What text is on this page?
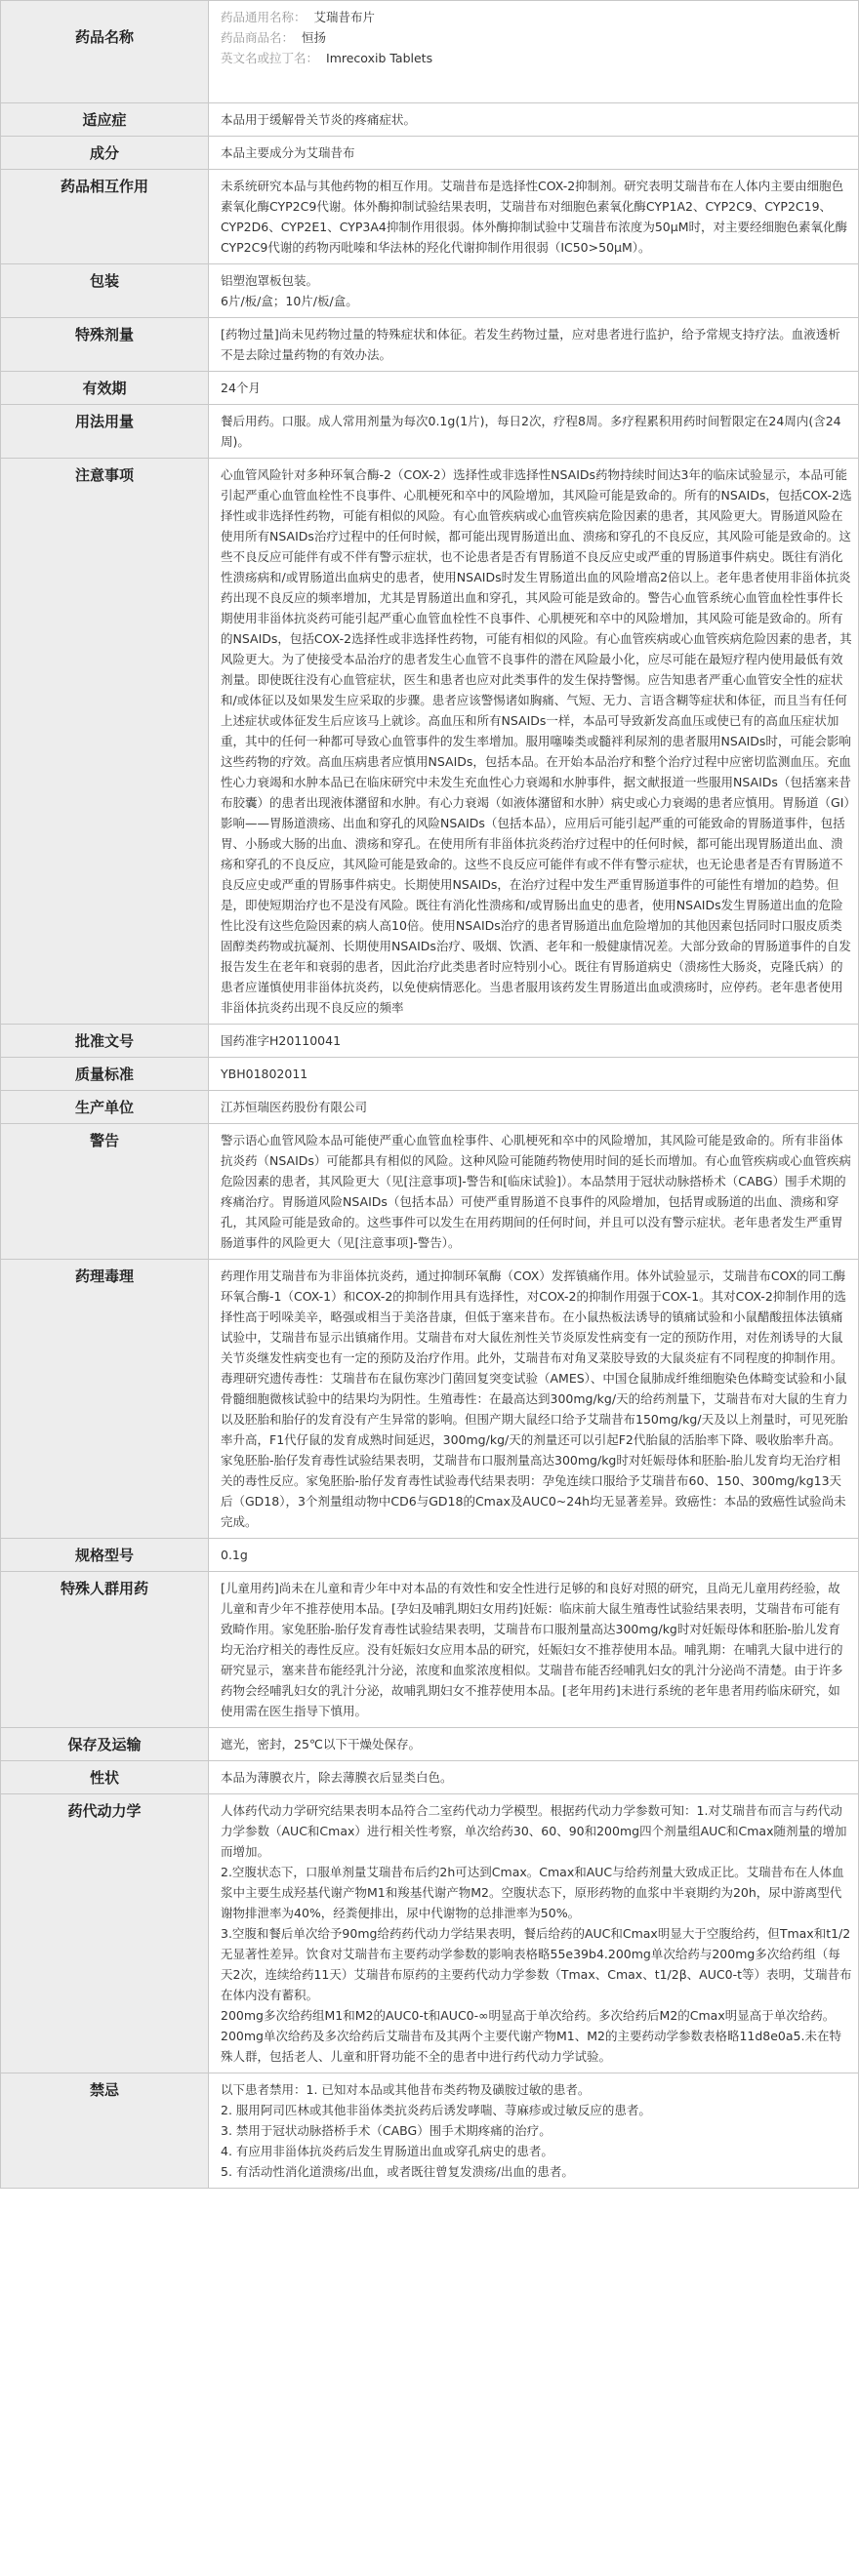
药品名称	药品通用名称： 艾瑞昔布片
药品商品名： 恒扬
英文名或拉丁名： Imrecoxib Tablets

适应症	本品用于缓解骨关节炎的疼痛症状。
成分	本品主要成分为艾瑞昔布
药品相互作用	未系统研究本品与其他药物的相互作用。艾瑞昔布是选择性COX-2抑制剂。研究表明艾瑞昔布在人体内主要由细胞色素氧化酶CYP2C9代谢。体外酶抑制试验结果表明，艾瑞昔布对细胞色素氧化酶CYP1A2、CYP2C9、CYP2C19、CYP2D6、CYP2E1、CYP3A4抑制作用很弱。体外酶抑制试验中艾瑞昔布浓度为50μM时，对主要经细胞色素氧化酶CYP2C9代谢的药物丙吡嗪和华法林的羟化代谢抑制作用很弱（IC50>50μM）。
包装	铝塑泡罩板包装。
6片/板/盒；10片/板/盒。

特殊剂量	[药物过量]尚未见药物过量的特殊症状和体征。若发生药物过量，应对患者进行监护，给予常规支持疗法。血液透析不是去除过量药物的有效办法。
有效期	24个月
用法用量	餐后用药。口服。成人常用剂量为每次0.1g(1片)，每日2次，疗程8周。多疗程累积用药时间暂限定在24周内(含24周)。
注意事项	心血管风险针对多种环氧合酶-2（COX-2）选择性或非选择性NSAIDs药物持续时间达3年的临床试验显示，本品可能引起严重心血管血栓性不良事件、心肌梗死和卒中的风险增加，其风险可能是致命的。所有的NSAIDs，包括COX-2选择性或非选择性药物，可能有相似的风险。有心血管疾病或心血管疾病危险因素的患者，其风险更大。胃肠道风险在使用所有NSAIDs治疗过程中的任何时候，都可能出现胃肠道出血、溃疡和穿孔的不良反应，其风险可能是致命的。这些不良反应可能伴有或不伴有警示症状，也不论患者是否有胃肠道不良反应史或严重的胃肠道事件病史。既往有消化性溃疡病和/或胃肠道出血病史的患者，使用NSAIDs时发生胃肠道出血的风险增高2倍以上。老年患者使用非甾体抗炎药出现不良反应的频率增加，尤其是胃肠道出血和穿孔，其风险可能是致命的。警告心血管系统心血管血栓性事件长期使用非甾体抗炎药可能引起严重心血管血栓性不良事件、心肌梗死和卒中的风险增加，其风险可能是致命的。所有的NSAIDs，包括COX-2选择性或非选择性药物，可能有相似的风险。有心血管疾病或心血管疾病危险因素的患者，其风险更大。为了使接受本品治疗的患者发生心血管不良事件的潜在风险最小化，应尽可能在最短疗程内使用最低有效剂量。即使既往没有心血管症状，医生和患者也应对此类事件的发生保持警惕。应告知患者严重心血管安全性的症状和/或体征以及如果发生应采取的步骤。患者应该警惕诸如胸痛、气短、无力、言语含糊等症状和体征，而且当有任何上述症状或体征发生后应该马上就诊。高血压和所有NSAIDs一样，本品可导致新发高血压或使已有的高血压症状加重，其中的任何一种都可导致心血管事件的发生率增加。服用噻嗪类或髓袢利尿剂的患者服用NSAIDs时，可能会影响这些药物的疗效。高血压病患者应慎用NSAIDs，包括本品。在开始本品治疗和整个治疗过程中应密切监测血压。充血性心力衰竭和水肿本品已在临床研究中未发生充血性心力衰竭和水肿事件，据文献报道一些服用NSAIDs（包括塞来昔布胶囊）的患者出现液体潴留和水肿。有心力衰竭（如液体潴留和水肿）病史或心力衰竭的患者应慎用。胃肠道（GI）影响——胃肠道溃疡、出血和穿孔的风险NSAIDs（包括本品），应用后可能引起严重的可能致命的胃肠道事件，包括胃、小肠或大肠的出血、溃疡和穿孔。在使用所有非甾体抗炎药治疗过程中的任何时候，都可能出现胃肠道出血、溃疡和穿孔的不良反应，其风险可能是致命的。这些不良反应可能伴有或不伴有警示症状，也无论患者是否有胃肠道不良反应史或严重的胃肠事件病史。长期使用NSAIDs，在治疗过程中发生严重胃肠道事件的可能性有增加的趋势。但是，即使短期治疗也不是没有风险。既往有消化性溃疡和/或胃肠出血史的患者，使用NSAIDs发生胃肠道出血的危险性比没有这些危险因素的病人高10倍。使用NSAIDs治疗的患者胃肠道出血危险增加的其他因素包括同时口服皮质类固醇类药物或抗凝剂、长期使用NSAIDs治疗、吸烟、饮酒、老年和一般健康情况差。大部分致命的胃肠道事件的自发报告发生在老年和衰弱的患者，因此治疗此类患者时应特别小心。既往有胃肠道病史（溃疡性大肠炎，克隆氏病）的患者应谨慎使用非甾体抗炎药，以免使病情恶化。当患者服用该药发生胃肠道出血或溃疡时，应停药。老年患者使用非甾体抗炎药出现不良反应的频率
批准文号	国药准字H20110041
质量标准	YBH01802011
生产单位	江苏恒瑞医药股份有限公司
警告	警示语心血管风险本品可能使严重心血管血栓事件、心肌梗死和卒中的风险增加，其风险可能是致命的。所有非甾体抗炎药（NSAIDs）可能都具有相似的风险。这种风险可能随药物使用时间的延长而增加。有心血管疾病或心血管疾病危险因素的患者，其风险更大（见[注意事项]-警告和[临床试验]）。本品禁用于冠状动脉搭桥术（CABG）围手术期的疼痛治疗。胃肠道风险NSAIDs（包括本品）可使严重胃肠道不良事件的风险增加，包括胃或肠道的出血、溃疡和穿孔，其风险可能是致命的。这些事件可以发生在用药期间的任何时间，并且可以没有警示症状。老年患者发生严重胃肠道事件的风险更大（见[注意事项]-警告）。
药理毒理	药理作用艾瑞昔布为非甾体抗炎药，通过抑制环氧酶（COX）发挥镇痛作用。体外试验显示，艾瑞昔布COX的同工酶环氧合酶-1（COX-1）和COX-2的抑制作用具有选择性，对COX-2的抑制作用强于COX-1。其对COX-2抑制作用的选择性高于吲哚美辛，略强或相当于美洛昔康，但低于塞来昔布。在小鼠热板法诱导的镇痛试验和小鼠醋酸扭体法镇痛试验中，艾瑞昔布显示出镇痛作用。艾瑞昔布对大鼠佐剂性关节炎原发性病变有一定的预防作用，对佐剂诱导的大鼠关节炎继发性病变也有一定的预防及治疗作用。此外，艾瑞昔布对角叉菜胶导致的大鼠炎症有不同程度的抑制作用。毒理研究遗传毒性：艾瑞昔布在鼠伤寒沙门菌回复突变试验（AMES）、中国仓鼠肺成纤维细胞染色体畸变试验和小鼠骨髓细胞微核试验中的结果均为阴性。生殖毒性：在最高达到300mg/kg/天的给药剂量下，艾瑞昔布对大鼠的生育力以及胚胎和胎仔的发育没有产生异常的影响。但围产期大鼠经口给予艾瑞昔布150mg/kg/天及以上剂量时，可见死胎率升高，F1代仔鼠的发育成熟时间延迟，300mg/kg/天的剂量还可以引起F2代胎鼠的活胎率下降、吸收胎率升高。家兔胚胎-胎仔发育毒性试验结果表明，艾瑞昔布口服剂量高达300mg/kg时对妊娠母体和胚胎-胎儿发育均无治疗相关的毒性反应。家兔胚胎-胎仔发育毒性试验毒代结果表明：孕兔连续口服给予艾瑞昔布60、150、300mg/kg13天后（GD18），3个剂量组动物中CD6与GD18的Cmax及AUC0~24h均无显著差异。致癌性：本品的致癌性试验尚未完成。
规格型号	0.1g
特殊人群用药	[儿童用药]尚未在儿童和青少年中对本品的有效性和安全性进行足够的和良好对照的研究，且尚无儿童用药经验，故儿童和青少年不推荐使用本品。[孕妇及哺乳期妇女用药]妊娠：临床前大鼠生殖毒性试验结果表明，艾瑞昔布可能有致畸作用。家兔胚胎-胎仔发育毒性试验结果表明，艾瑞昔布口服剂量高达300mg/kg时对妊娠母体和胚胎-胎儿发育均无治疗相关的毒性反应。没有妊娠妇女应用本品的研究，妊娠妇女不推荐使用本品。哺乳期：在哺乳大鼠中进行的研究显示，塞来昔布能经乳汁分泌，浓度和血浆浓度相似。艾瑞昔布能否经哺乳妇女的乳汁分泌尚不清楚。由于许多药物会经哺乳妇女的乳汁分泌，故哺乳期妇女不推荐使用本品。[老年用药]未进行系统的老年患者用药临床研究，如使用需在医生指导下慎用。
保存及运输	遮光，密封，25℃以下干燥处保存。
性状	本品为薄膜衣片，除去薄膜衣后显类白色。
药代动力学	人体药代动力学研究结果表明本品符合二室药代动力学模型。根据药代动力学参数可知：1.对艾瑞昔布而言与药代动力学参数（AUC和Cmax）进行相关性考察，单次给药30、60、90和200mg四个剂量组AUC和Cmax随剂量的增加而增加。
2.空腹状态下，口服单剂量艾瑞昔布后约2h可达到Cmax。Cmax和AUC与给药剂量大致成正比。艾瑞昔布在人体血浆中主要生成羟基代谢产物M1和羧基代谢产物M2。空腹状态下，原形药物的血浆中半衰期约为20h，尿中游离型代谢物排泄率为40%，经粪便排出，尿中代谢物的总排泄率为50%。
3.空腹和餐后单次给予90mg给药药代动力学结果表明，餐后给药的AUC和Cmax明显大于空腹给药，但Tmax和t1/2无显著性差异。饮食对艾瑞昔布主要药动学参数的影响表格略55e39b4.200mg单次给药与200mg多次给药组（每天2次，连续给药11天）艾瑞昔布原药的主要药代动力学参数（Tmax、Cmax、t1/2β、AUC0-t等）表明，艾瑞昔布在体内没有蓄积。
200mg多次给药组M1和M2的AUC0-t和AUC0-∞明显高于单次给药。多次给药后M2的Cmax明显高于单次给药。
200mg单次给药及多次给药后艾瑞昔布及其两个主要代谢产物M1、M2的主要药动学参数表格略11d8e0a5.未在特殊人群，包括老人、儿童和肝肾功能不全的患者中进行药代动力学试验。

禁忌	以下患者禁用：1. 已知对本品或其他昔布类药物及磺胺过敏的患者。
2. 服用阿司匹林或其他非甾体类抗炎药后诱发哮喘、荨麻疹或过敏反应的患者。
3. 禁用于冠状动脉搭桥手术（CABG）围手术期疼痛的治疗。
4. 有应用非甾体抗炎药后发生胃肠道出血或穿孔病史的患者。
5. 有活动性消化道溃疡/出血，或者既往曾复发溃疡/出血的患者。
